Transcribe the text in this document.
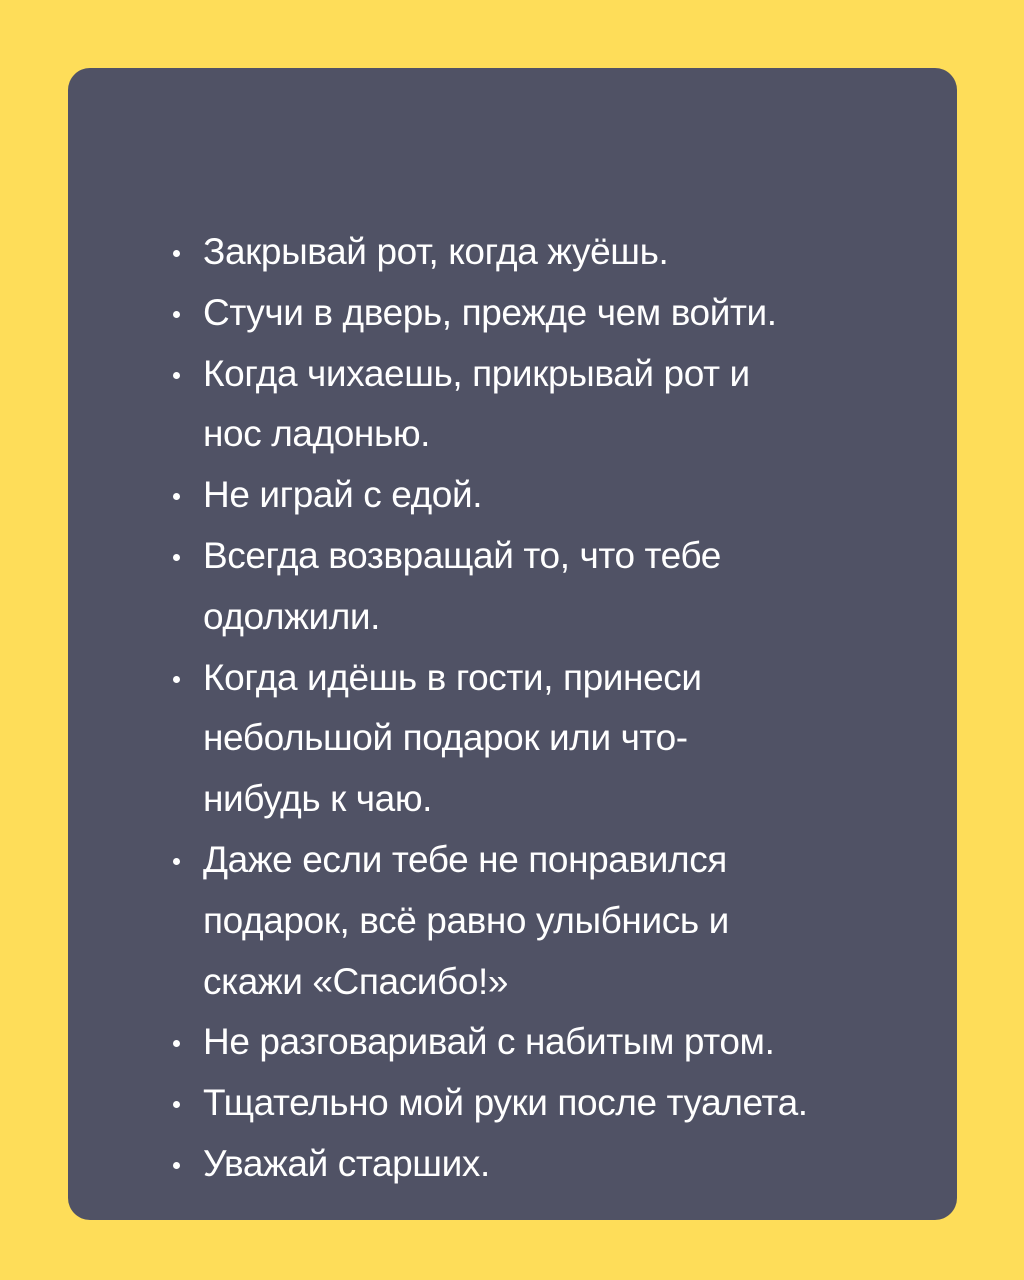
Закрывай рот, когда жуёшь.
Стучи в дверь, прежде чем войти.
Когда чихаешь, прикрывай рот и
нос ладонью.
Не играй с едой.
Всегда возвращай то, что тебе
одолжили.
Когда идёшь в гости, принеси
небольшой подарок или что-
нибудь к чаю.
Даже если тебе не понравился
подарок, всё равно улыбнись и
скажи «Спасибо!»
Не разговаривай с набитым ртом.
Тщательно мой руки после туалета.
Уважай старших.
